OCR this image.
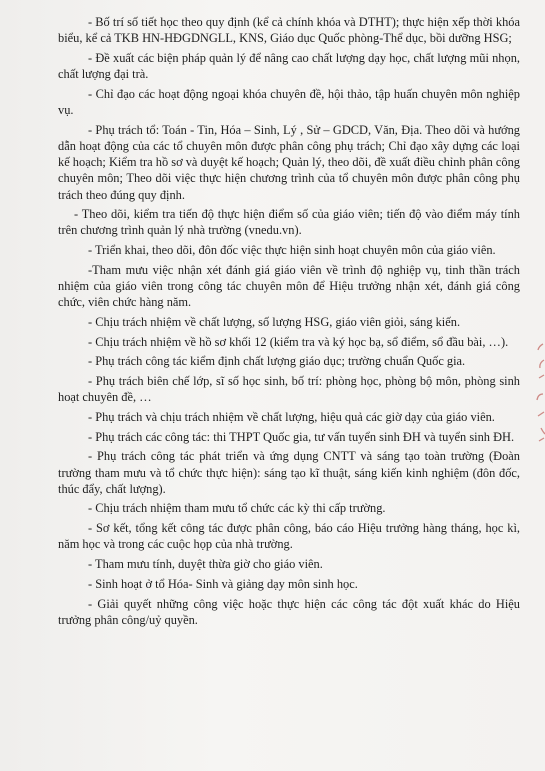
- Bố trí số tiết học theo quy định (kể cả chính khóa và DTHT); thực hiện xếp thời khóa biểu, kể cả TKB HN-HĐGDNGLL, KNS, Giáo dục Quốc phòng-Thể dục, bồi dưỡng HSG;

- Đề xuất các biện pháp quản lý để nâng cao chất lượng dạy học, chất lượng mũi nhọn, chất lượng đại trà.

- Chỉ đạo các hoạt động ngoại khóa chuyên đề, hội thảo, tập huấn chuyên môn nghiệp vụ.

- Phụ trách tổ: Toán - Tin, Hóa – Sinh, Lý , Sử – GDCD, Văn, Địa. Theo dõi và hướng dẫn hoạt động của các tổ chuyên môn được phân công phụ trách; Chỉ đạo xây dựng các loại kế hoạch; Kiểm tra hồ sơ và duyệt kế hoạch; Quản lý, theo dõi, đề xuất điều chỉnh phân công chuyên môn; Theo dõi việc thực hiện chương trình của tổ chuyên môn được phân công phụ trách theo đúng quy định.

- Theo dõi, kiểm tra tiến độ thực hiện điểm số của giáo viên; tiến độ vào điểm máy tính trên chương trình quản lý nhà trường (vnedu.vn).

- Triển khai, theo dõi, đôn đốc việc thực hiện sinh hoạt chuyên môn của giáo viên.

-Tham mưu việc nhận xét đánh giá giáo viên về trình độ nghiệp vụ, tinh thần trách nhiệm của giáo viên trong công tác chuyên môn để Hiệu trưởng nhận xét, đánh giá công chức, viên chức hàng năm.

- Chịu trách nhiệm về chất lượng, số lượng HSG, giáo viên giỏi, sáng kiến.

- Chịu trách nhiệm về hồ sơ khối 12 (kiểm tra và ký học bạ, sổ điểm, sổ đầu bài, …).

- Phụ trách công tác kiểm định chất lượng giáo dục; trường chuẩn Quốc gia.

- Phụ trách biên chế lớp, sĩ số học sinh, bố trí: phòng học, phòng bộ môn, phòng sinh hoạt chuyên đề, …

- Phụ trách và chịu trách nhiệm về chất lượng, hiệu quả các giờ dạy của giáo viên.

- Phụ trách các công tác: thi THPT Quốc gia, tư vấn tuyển sinh ĐH và tuyển sinh ĐH.

- Phụ trách công tác phát triển và ứng dụng CNTT và sáng tạo toàn trường (Đoàn trường tham mưu và tổ chức thực hiện): sáng tạo kĩ thuật, sáng kiến kinh nghiệm (đôn đốc, thúc đẩy, chất lượng).

- Chịu trách nhiệm tham mưu tổ chức các kỳ thi cấp trường.

- Sơ kết, tổng kết công tác được phân công, báo cáo Hiệu trưởng hàng tháng, học kì, năm học và trong các cuộc họp của nhà trường.

- Tham mưu tính, duyệt thừa giờ cho giáo viên.

- Sinh hoạt ở tổ Hóa- Sinh và giảng dạy môn sinh học.

- Giải quyết những công việc hoặc thực hiện các công tác đột xuất khác do Hiệu trưởng phân công/uỷ quyền.
